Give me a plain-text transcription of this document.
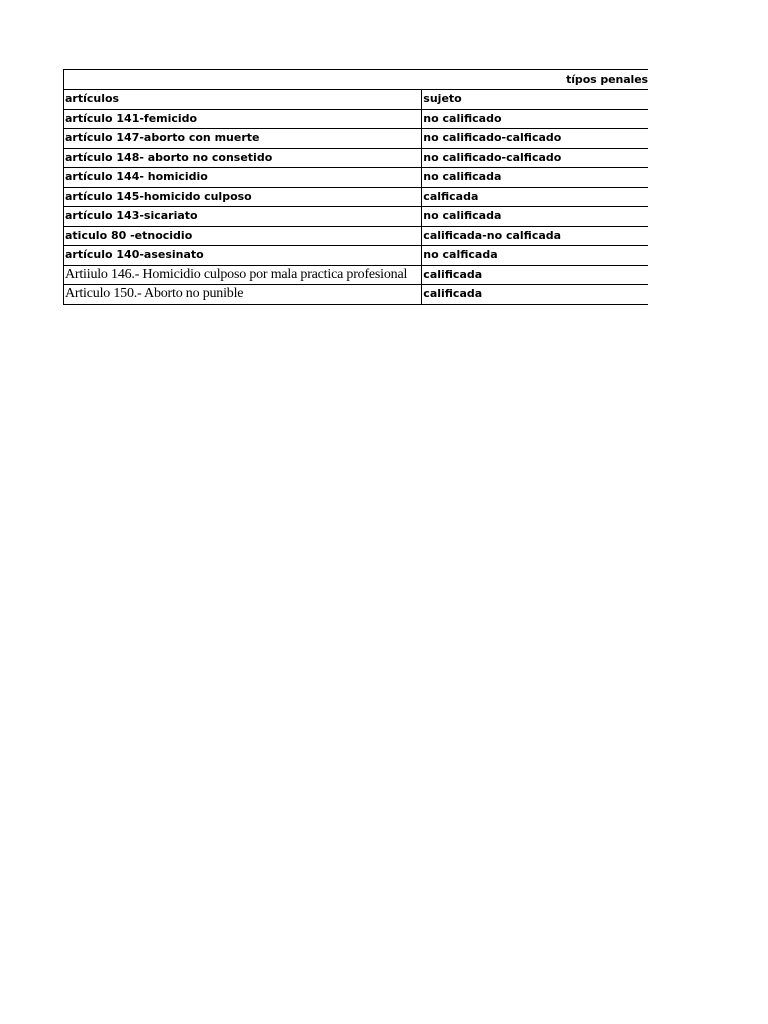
típos penales	
artículos	sujeto
artículo 141-femicido	no calificado
artículo 147-aborto con muerte	no calificado-calficado
artículo 148- aborto no consetido	no calificado-calficado
artículo 144- homicidio	no calificada
artículo 145-homicido culposo	calficada
artículo 143-sicariato	no calificada
aticulo 80 -etnocidio	calificada-no calficada
artículo 140-asesinato	no calficada
Artiiulo 146.- Homicidio culposo por mala practica profesional	calificada
Articulo 150.- Aborto no punible	calificada
